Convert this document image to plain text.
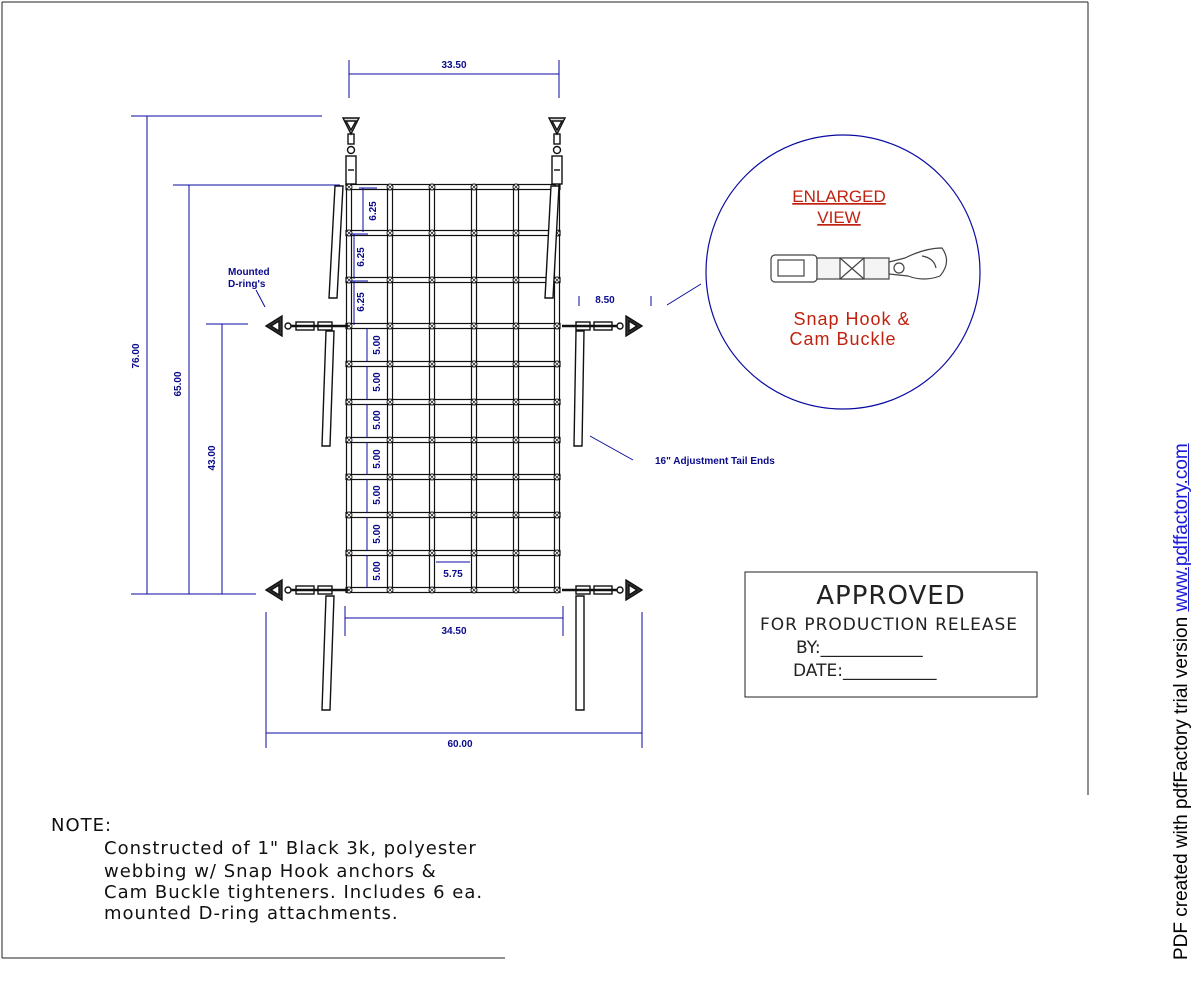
33.50
76.00
65.00
43.00
8.50
5.75
34.50
60.00
6.25
6.25
6.25
5.00
5.00
5.00
5.00
5.00
5.00
5.00
Mounted
D-ring's
16" Adjustment Tail Ends
ENLARGED
VIEW
Snap Hook &
Cam Buckle
APPROVED
FOR PRODUCTION RELEASE
BY:____________
DATE:___________
NOTE:
Constructed of 1" Black 3k, polyester
webbing w/ Snap Hook anchors &
Cam Buckle tighteners. Includes 6 ea.
mounted D-ring attachments.	PDF created with pdfFactory trial version www.pdffactory.com
